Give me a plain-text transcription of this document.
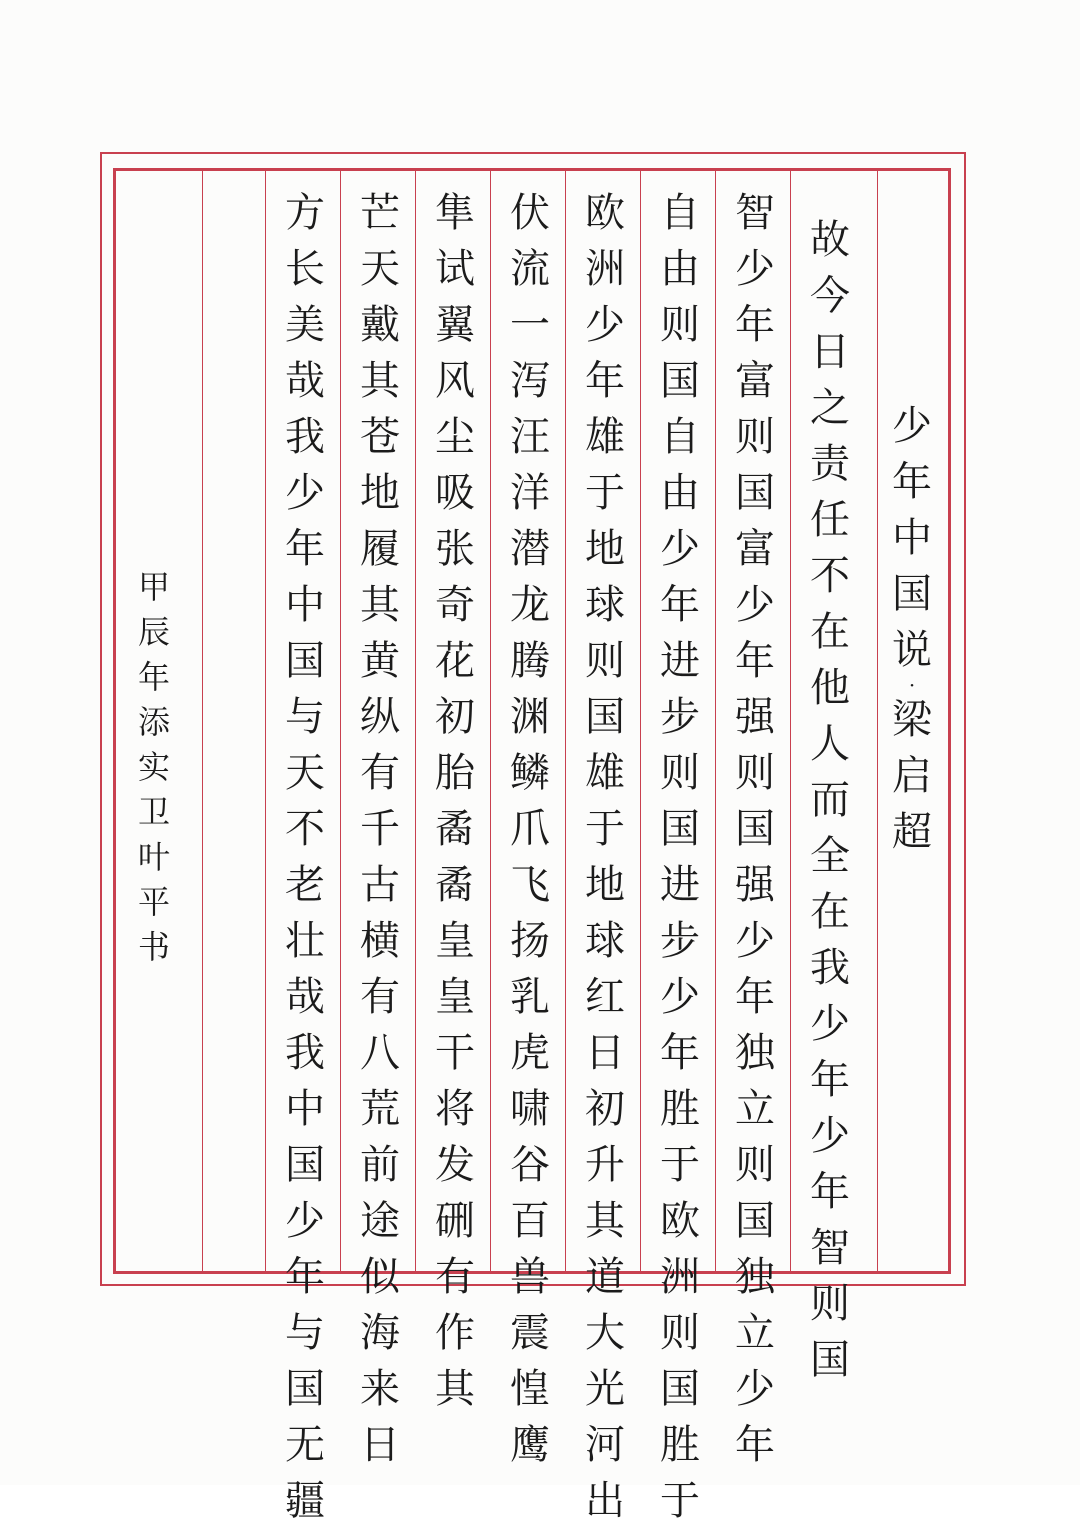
少
年
中
国
说
·
梁
启
超
故
今
日
之
责
任
不
在
他
人
而
全
在
我
少
年
少
年
智
则
国
智
少
年
富
则
国
富
少
年
强
则
国
强
少
年
独
立
则
国
独
立
少
年
自
由
则
国
自
由
少
年
进
步
则
国
进
步
少
年
胜
于
欧
洲
则
国
胜
于
欧
洲
少
年
雄
于
地
球
则
国
雄
于
地
球
红
日
初
升
其
道
大
光
河
出
伏
流
一
泻
汪
洋
潜
龙
腾
渊
鳞
爪
飞
扬
乳
虎
啸
谷
百
兽
震
惶
鹰
隼
试
翼
风
尘
吸
张
奇
花
初
胎
矞
矞
皇
皇
干
将
发
硎
有
作
其
芒
天
戴
其
苍
地
履
其
黄
纵
有
千
古
横
有
八
荒
前
途
似
海
来
日
方
长
美
哉
我
少
年
中
国
与
天
不
老
壮
哉
我
中
国
少
年
与
国
无
疆
甲
辰
年
添
实
卫
叶
平
书
